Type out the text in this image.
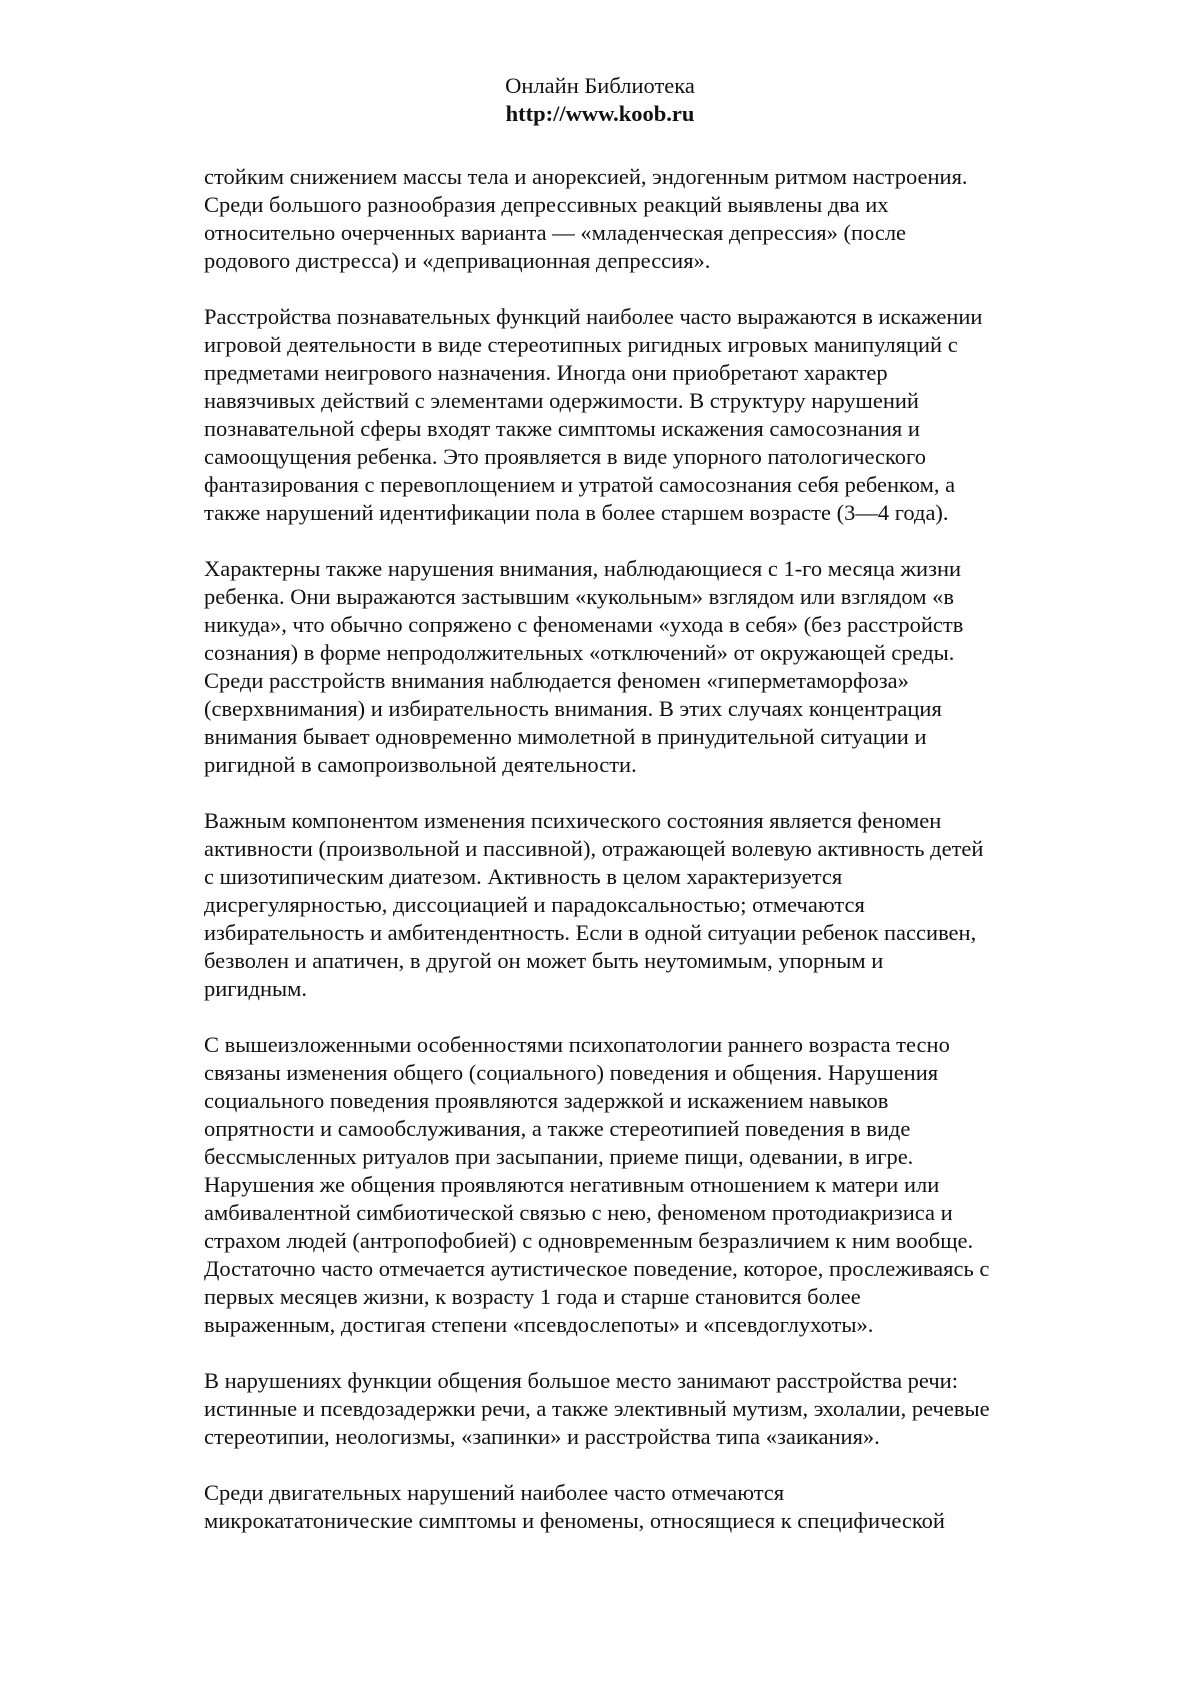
Онлайн Библиотека
http://www.koob.ru

стойким снижением массы тела и анорексией, эндогенным ритмом настроения.
Среди большого разнообразия депрессивных реакций выявлены два их
относительно очерченных варианта — «младенческая депрессия» (после
родового дистресса) и «депривационная депрессия».

Расстройства познавательных функций наиболее часто выражаются в искажении
игровой деятельности в виде стереотипных ригидных игровых манипуляций с
предметами неигрового назначения. Иногда они приобретают характер
навязчивых действий с элементами одержимости. В структуру нарушений
познавательной сферы входят также симптомы искажения самосознания и
самоощущения ребенка. Это проявляется в виде упорного патологического
фантазирования с перевоплощением и утратой самосознания себя ребенком, а
также нарушений идентификации пола в более старшем возрасте (3—4 года).

Характерны также нарушения внимания, наблюдающиеся с 1-го месяца жизни
ребенка. Они выражаются застывшим «кукольным» взглядом или взглядом «в
никуда», что обычно сопряжено с феноменами «ухода в себя» (без расстройств
сознания) в форме непродолжительных «отключений» от окружающей среды.
Среди расстройств внимания наблюдается феномен «гиперметаморфоза»
(сверхвнимания) и избирательность внимания. В этих случаях концентрация
внимания бывает одновременно мимолетной в принудительной ситуации и
ригидной в самопроизвольной деятельности.

Важным компонентом изменения психического состояния является феномен
активности (произвольной и пассивной), отражающей волевую активность детей
с шизотипическим диатезом. Активность в целом характеризуется
дисрегулярностью, диссоциацией и парадоксальностью; отмечаются
избирательность и амбитендентность. Если в одной ситуации ребенок пассивен,
безволен и апатичен, в другой он может быть неутомимым, упорным и
ригидным.

С вышеизложенными особенностями психопатологии раннего возраста тесно
связаны изменения общего (социального) поведения и общения. Нарушения
социального поведения проявляются задержкой и искажением навыков
опрятности и самообслуживания, а также стереотипией поведения в виде
бессмысленных ритуалов при засыпании, приеме пищи, одевании, в игре.
Нарушения же общения проявляются негативным отношением к матери или
амбивалентной симбиотической связью с нею, феноменом протодиакризиса и
страхом людей (антропофобией) с одновременным безразличием к ним вообще.
Достаточно часто отмечается аутистическое поведение, которое, прослеживаясь с
первых месяцев жизни, к возрасту 1 года и старше становится более
выраженным, достигая степени «псевдослепоты» и «псевдоглухоты».

В нарушениях функции общения большое место занимают расстройства речи:
истинные и псевдозадержки речи, а также элективный мутизм, эхолалии, речевые
стереотипии, неологизмы, «запинки» и расстройства типа «заикания».

Среди двигательных нарушений наиболее часто отмечаются
микрокататонические симптомы и феномены, относящиеся к специфической
